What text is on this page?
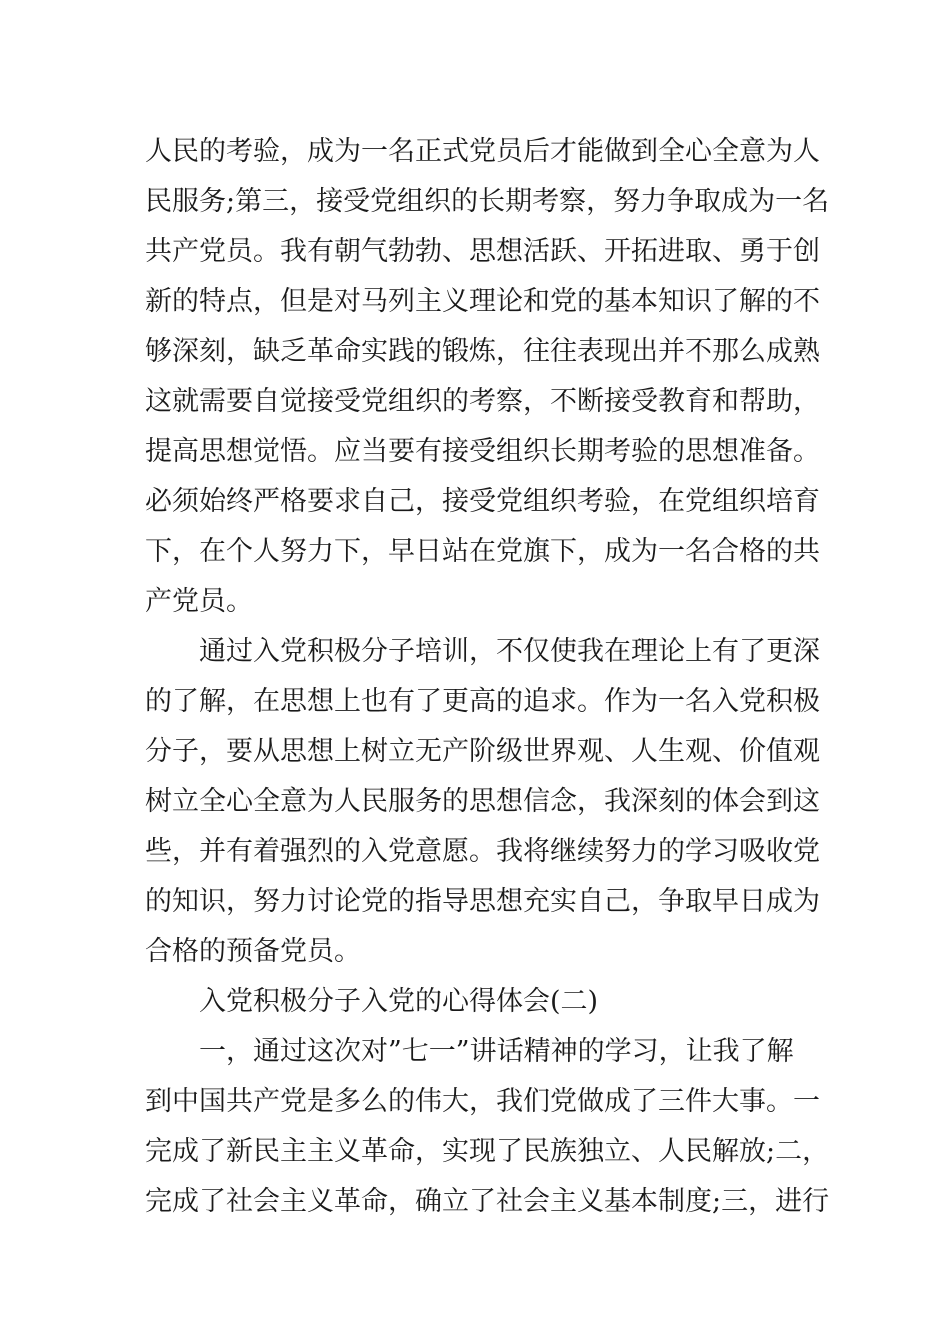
人民的考验，成为一名正式党员后才能做到全心全意为人
民服务;第三，接受党组织的长期考察，努力争取成为一名
共产党员。我有朝气勃勃、思想活跃、开拓进取、勇于创
新的特点，但是对马列主义理论和党的基本知识了解的不
够深刻，缺乏革命实践的锻炼，往往表现出并不那么成熟
这就需要自觉接受党组织的考察，不断接受教育和帮助，
提高思想觉悟。应当要有接受组织长期考验的思想准备。
必须始终严格要求自己，接受党组织考验，在党组织培育
下，在个人努力下，早日站在党旗下，成为一名合格的共
产党员。
通过入党积极分子培训，不仅使我在理论上有了更深
的了解，在思想上也有了更高的追求。作为一名入党积极
分子，要从思想上树立无产阶级世界观、人生观、价值观
树立全心全意为人民服务的思想信念，我深刻的体会到这
些，并有着强烈的入党意愿。我将继续努力的学习吸收党
的知识，努力讨论党的指导思想充实自己，争取早日成为
合格的预备党员。
入党积极分子入党的心得体会(二)
一，通过这次对”七一”讲话精神的学习，让我了解
到中国共产党是多么的伟大，我们党做成了三件大事。一
完成了新民主主义革命，实现了民族独立、人民解放;二，
完成了社会主义革命，确立了社会主义基本制度;三，进行
